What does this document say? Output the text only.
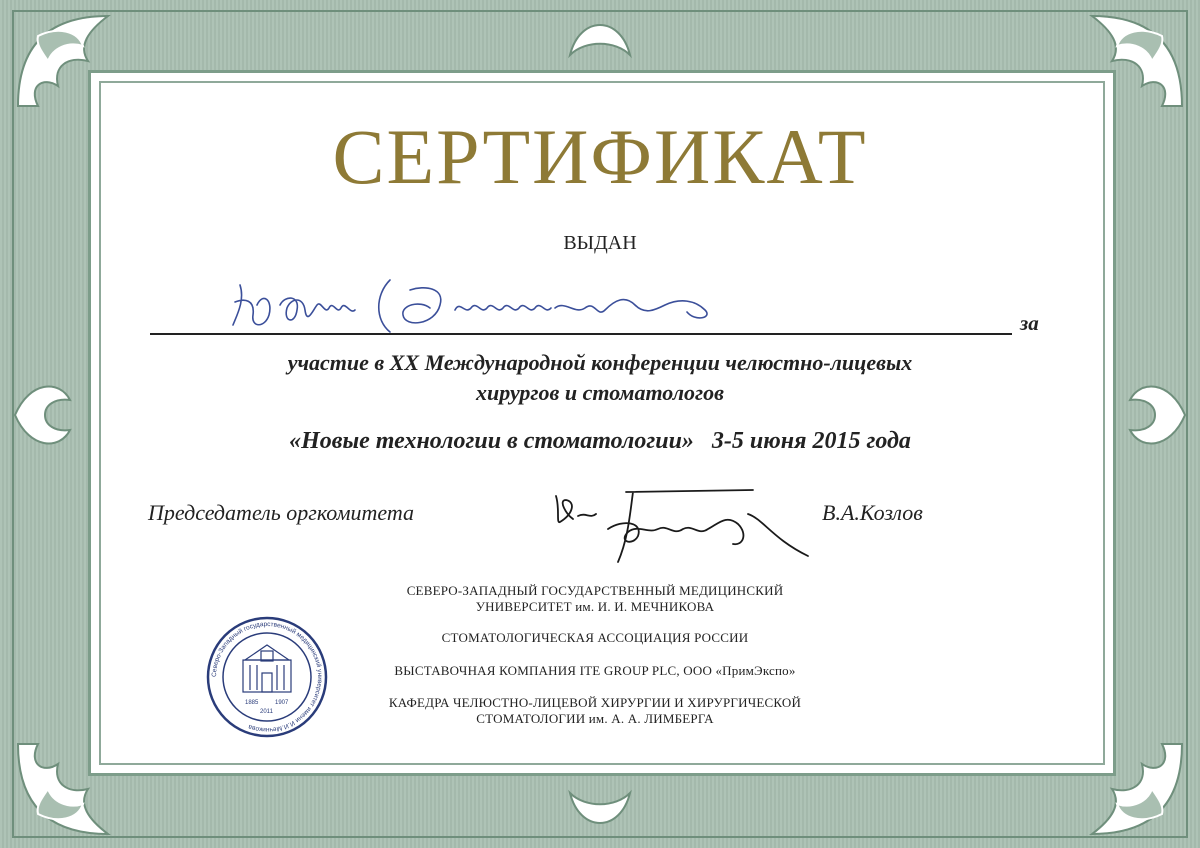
СЕРТИФИКАТ
ВЫДАН
за
участие в XX Международной конференции челюстно-лицевых
хирургов и стоматологов
«Новые технологии в стоматологии»   3-5 июня 2015 года
Председатель оргкомитета	В.А.Козлов
Северо-Западный государственный медицинский университет имени И.И.Мечникова
1885	1907
2011
СЕВЕРО-ЗАПАДНЫЙ ГОСУДАРСТВЕННЫЙ МЕДИЦИНСКИЙ
УНИВЕРСИТЕТ им. И. И. МЕЧНИКОВА
СТОМАТОЛОГИЧЕСКАЯ АССОЦИАЦИЯ РОССИИ
ВЫСТАВОЧНАЯ КОМПАНИЯ ITE GROUP PLC, ООО «ПримЭкспо»
КАФЕДРА ЧЕЛЮСТНО-ЛИЦЕВОЙ ХИРУРГИИ И ХИРУРГИЧЕСКОЙ
СТОМАТОЛОГИИ им. А. А. ЛИМБЕРГА
